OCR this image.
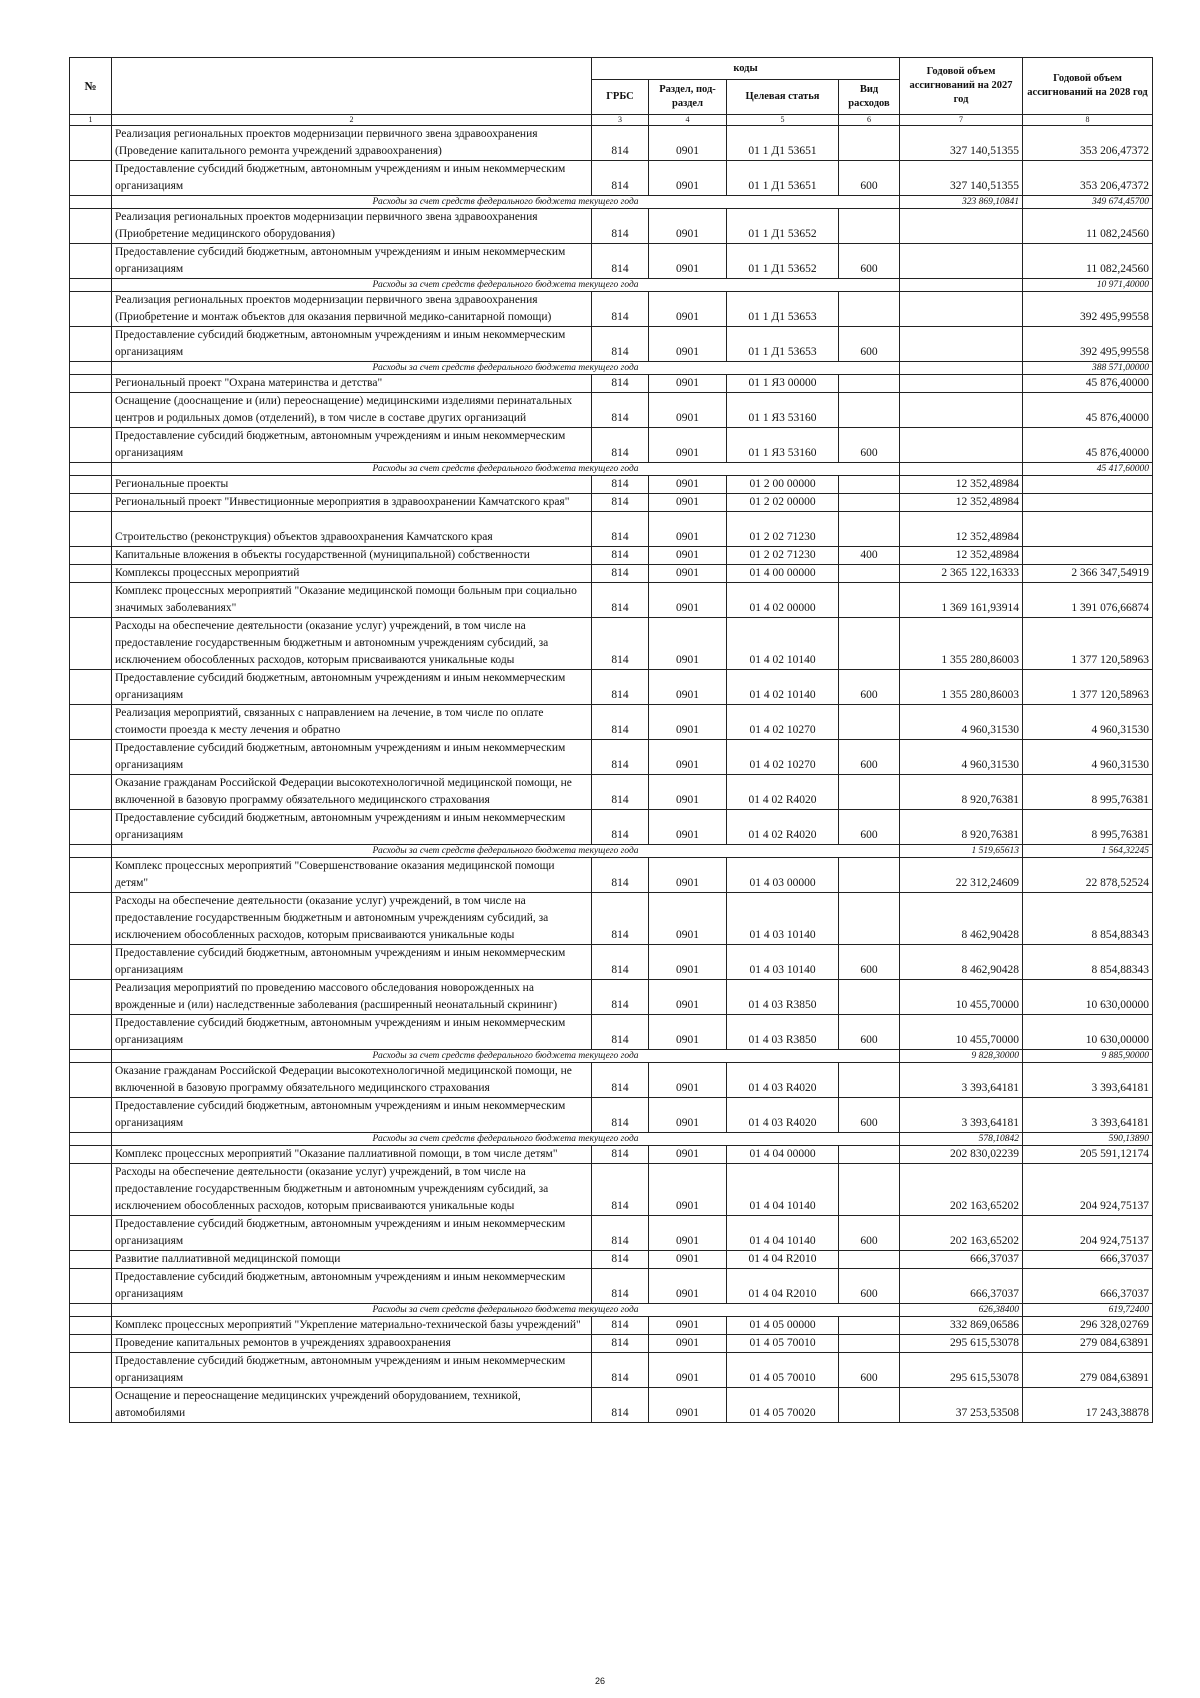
№		коды				Годовой объем ассигнований на 2027 год	Годовой объем ассигнований на 2028 год
		ГРБС	Раздел, под-раздел	Целевая статья	Вид расходов		
1	2	3	4	5	6	7	8
	Реализация региональных проектов модернизации первичного звена здравоохранения (Проведение капитального ремонта учреждений здравоохранения)	814	0901	01 1 Д1 53651		327 140,51355	353 206,47372
	Предоставление субсидий бюджетным, автономным учреждениям и иным некоммерческим организациям	814	0901	01 1 Д1 53651	600	327 140,51355	353 206,47372
	Расходы за счет средств федерального бюджета текущего года					323 869,10841	349 674,45700
	Реализация региональных проектов модернизации первичного звена здравоохранения (Приобретение медицинского оборудования)	814	0901	01 1 Д1 53652			11 082,24560
	Предоставление субсидий бюджетным, автономным учреждениям и иным некоммерческим организациям	814	0901	01 1 Д1 53652	600		11 082,24560
	Расходы за счет средств федерального бюджета текущего года						10 971,40000
	Реализация региональных проектов модернизации первичного звена здравоохранения (Приобретение и монтаж объектов для оказания первичной медико-санитарной помощи)	814	0901	01 1 Д1 53653			392 495,99558
	Предоставление субсидий бюджетным, автономным учреждениям и иным некоммерческим организациям	814	0901	01 1 Д1 53653	600		392 495,99558
	Расходы за счет средств федерального бюджета текущего года						388 571,00000
	Региональный проект "Охрана материнства и детства"	814	0901	01 1 Я3 00000			45 876,40000
	Оснащение (дооснащение и (или) переоснащение) медицинскими изделиями перинатальных центров и родильных домов (отделений), в том числе в составе других организаций	814	0901	01 1 Я3 53160			45 876,40000
	Предоставление субсидий бюджетным, автономным учреждениям и иным некоммерческим организациям	814	0901	01 1 Я3 53160	600		45 876,40000
	Расходы за счет средств федерального бюджета текущего года						45 417,60000
	Региональные проекты	814	0901	01 2 00 00000		12 352,48984	
	Региональный проект "Инвестиционные мероприятия в здравоохранении Камчатского края"	814	0901	01 2 02 00000		12 352,48984	
	Строительство (реконструкция) объектов здравоохранения Камчатского края	814	0901	01 2 02 71230		12 352,48984	
	Капитальные вложения в объекты государственной (муниципальной) собственности	814	0901	01 2 02 71230	400	12 352,48984	
	Комплексы процессных мероприятий	814	0901	01 4 00 00000		2 365 122,16333	2 366 347,54919
	Комплекс процессных мероприятий "Оказание медицинской помощи больным при социально значимых заболеваниях"	814	0901	01 4 02 00000		1 369 161,93914	1 391 076,66874
	Расходы на обеспечение деятельности (оказание услуг) учреждений, в том числе на предоставление государственным бюджетным и автономным учреждениям субсидий, за исключением обособленных расходов, которым присваиваются уникальные коды	814	0901	01 4 02 10140		1 355 280,86003	1 377 120,58963
	Предоставление субсидий бюджетным, автономным учреждениям и иным некоммерческим организациям	814	0901	01 4 02 10140	600	1 355 280,86003	1 377 120,58963
	Реализация мероприятий, связанных с направлением на лечение, в том числе по оплате стоимости проезда к месту лечения и обратно	814	0901	01 4 02 10270		4 960,31530	4 960,31530
	Предоставление субсидий бюджетным, автономным учреждениям и иным некоммерческим организациям	814	0901	01 4 02 10270	600	4 960,31530	4 960,31530
	Оказание гражданам Российской Федерации высокотехнологичной медицинской помощи, не включенной в базовую программу обязательного медицинского страхования	814	0901	01 4 02 R4020		8 920,76381	8 995,76381
	Предоставление субсидий бюджетным, автономным учреждениям и иным некоммерческим организациям	814	0901	01 4 02 R4020	600	8 920,76381	8 995,76381
	Расходы за счет средств федерального бюджета текущего года					1 519,65613	1 564,32245
	Комплекс процессных мероприятий "Совершенствование оказания медицинской помощи детям"	814	0901	01 4 03 00000		22 312,24609	22 878,52524
	Расходы на обеспечение деятельности (оказание услуг) учреждений, в том числе на предоставление государственным бюджетным и автономным учреждениям субсидий, за исключением обособленных расходов, которым присваиваются уникальные коды	814	0901	01 4 03 10140		8 462,90428	8 854,88343
	Предоставление субсидий бюджетным, автономным учреждениям и иным некоммерческим организациям	814	0901	01 4 03 10140	600	8 462,90428	8 854,88343
	Реализация мероприятий по проведению массового обследования новорожденных на врожденные и (или) наследственные заболевания (расширенный неонатальный скрининг)	814	0901	01 4 03 R3850		10 455,70000	10 630,00000
	Предоставление субсидий бюджетным, автономным учреждениям и иным некоммерческим организациям	814	0901	01 4 03 R3850	600	10 455,70000	10 630,00000
	Расходы за счет средств федерального бюджета текущего года					9 828,30000	9 885,90000
	Оказание гражданам Российской Федерации высокотехнологичной медицинской помощи, не включенной в базовую программу обязательного медицинского страхования	814	0901	01 4 03 R4020		3 393,64181	3 393,64181
	Предоставление субсидий бюджетным, автономным учреждениям и иным некоммерческим организациям	814	0901	01 4 03 R4020	600	3 393,64181	3 393,64181
	Расходы за счет средств федерального бюджета текущего года					578,10842	590,13890
	Комплекс процессных мероприятий "Оказание паллиативной помощи, в том числе детям"	814	0901	01 4 04 00000		202 830,02239	205 591,12174
	Расходы на обеспечение деятельности (оказание услуг) учреждений, в том числе на предоставление государственным бюджетным и автономным учреждениям субсидий, за исключением обособленных расходов, которым присваиваются уникальные коды	814	0901	01 4 04 10140		202 163,65202	204 924,75137
	Предоставление субсидий бюджетным, автономным учреждениям и иным некоммерческим организациям	814	0901	01 4 04 10140	600	202 163,65202	204 924,75137
	Развитие паллиативной медицинской помощи	814	0901	01 4 04 R2010		666,37037	666,37037
	Предоставление субсидий бюджетным, автономным учреждениям и иным некоммерческим организациям	814	0901	01 4 04 R2010	600	666,37037	666,37037
	Расходы за счет средств федерального бюджета текущего года					626,38400	619,72400
	Комплекс процессных мероприятий "Укрепление материально-технической базы учреждений"	814	0901	01 4 05 00000		332 869,06586	296 328,02769
	Проведение капитальных ремонтов в учреждениях здравоохранения	814	0901	01 4 05 70010		295 615,53078	279 084,63891
	Предоставление субсидий бюджетным, автономным учреждениям и иным некоммерческим организациям	814	0901	01 4 05 70010	600	295 615,53078	279 084,63891
	Оснащение и переоснащение медицинских учреждений оборудованием, техникой, автомобилями	814	0901	01 4 05 70020		37 253,53508	17 243,38878
26
